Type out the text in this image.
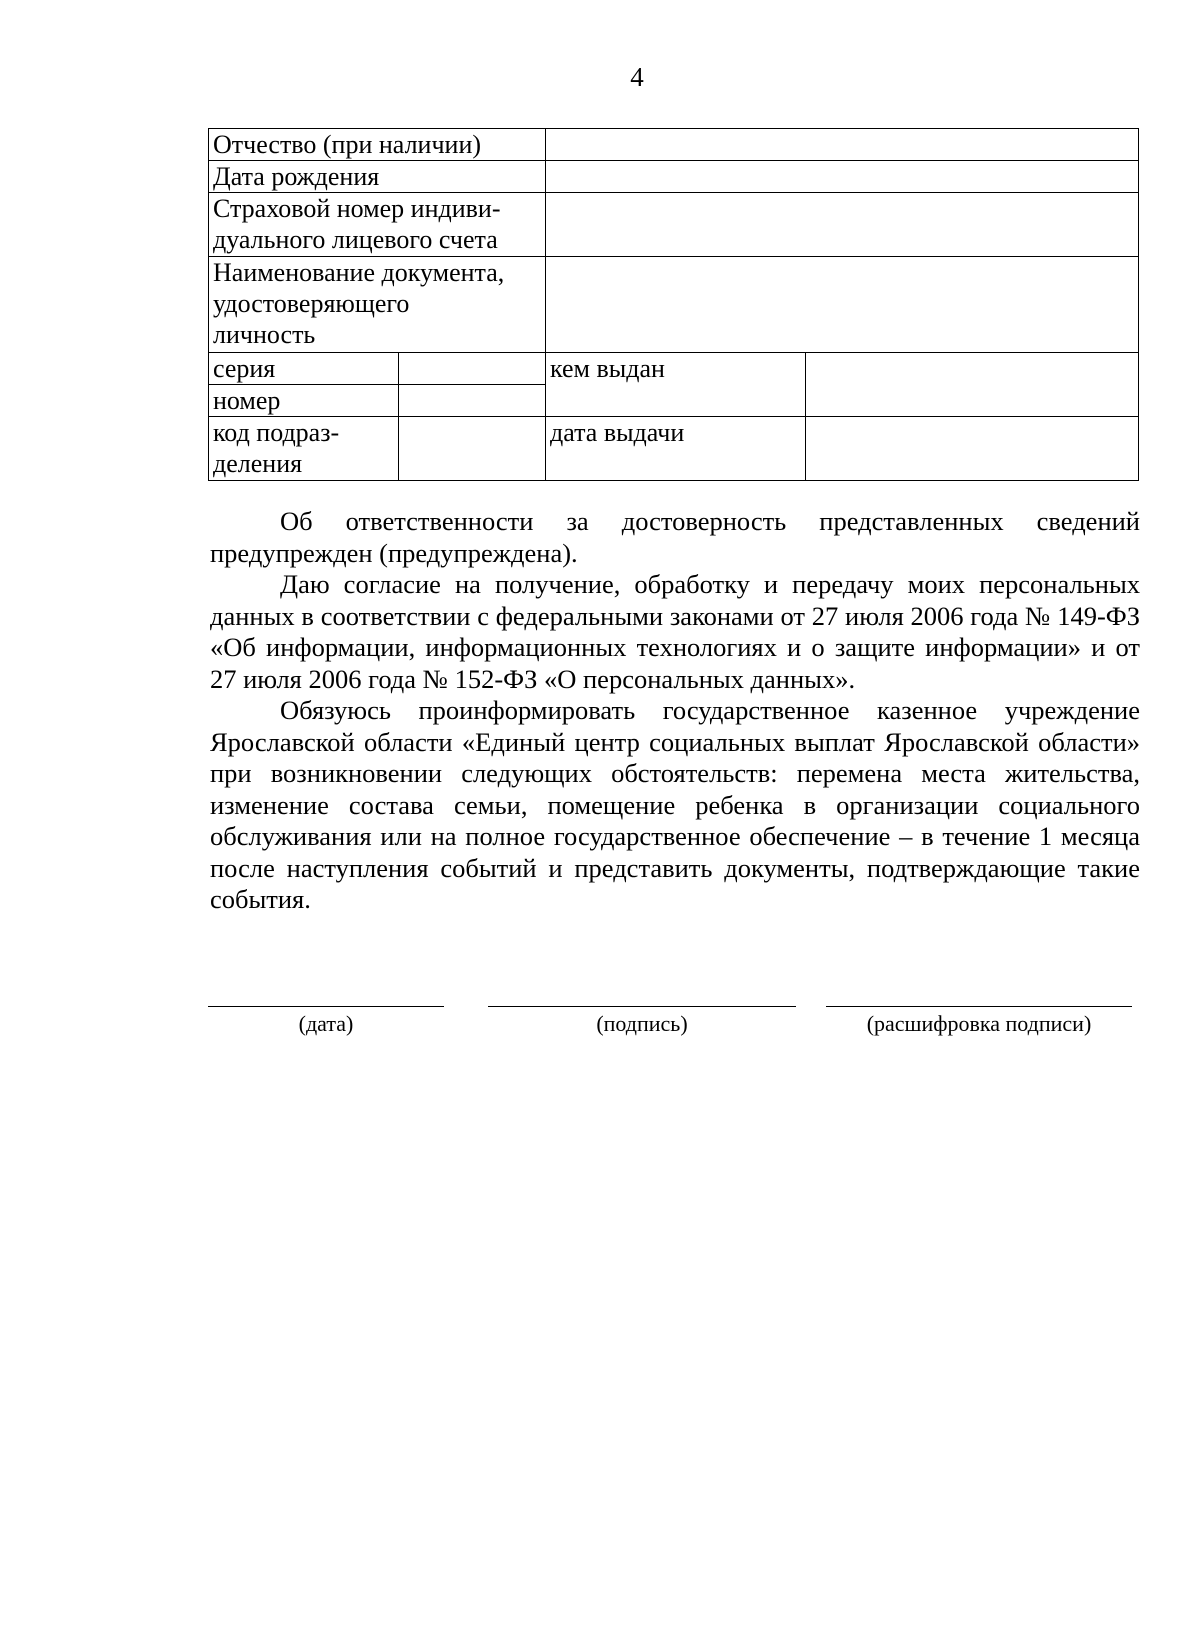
4
Отчество (при наличии)			
Дата рождения			

Страховой номер индиви-
дуального лицевого счета			

Наименование документа,
удостоверяющего
личность			

серия		кем выдан	
номер			

код подраз-
деления		дата выдачи	

Об ответственности за достоверность представленных сведений предупрежден (предупреждена).

Даю согласие на получение, обработку и передачу моих персональных данных в соответствии с федеральными законами от 27 июля 2006 года № 149-ФЗ «Об информации, информационных технологиях и о защите информации» и от 27 июля 2006 года № 152-ФЗ «О персональных данных».

Обязуюсь проинформировать государственное казенное учреждение Ярославской области «Единый центр социальных выплат Ярославской области» при возникновении следующих обстоятельств: перемена места жительства, изменение состава семьи, помещение ребенка в организации социального обслуживания или на полное государственное обеспечение – в течение 1 месяца после наступления событий и представить документы, подтверждающие такие события.

(дата)	(подпись)	(расшифровка подписи)
